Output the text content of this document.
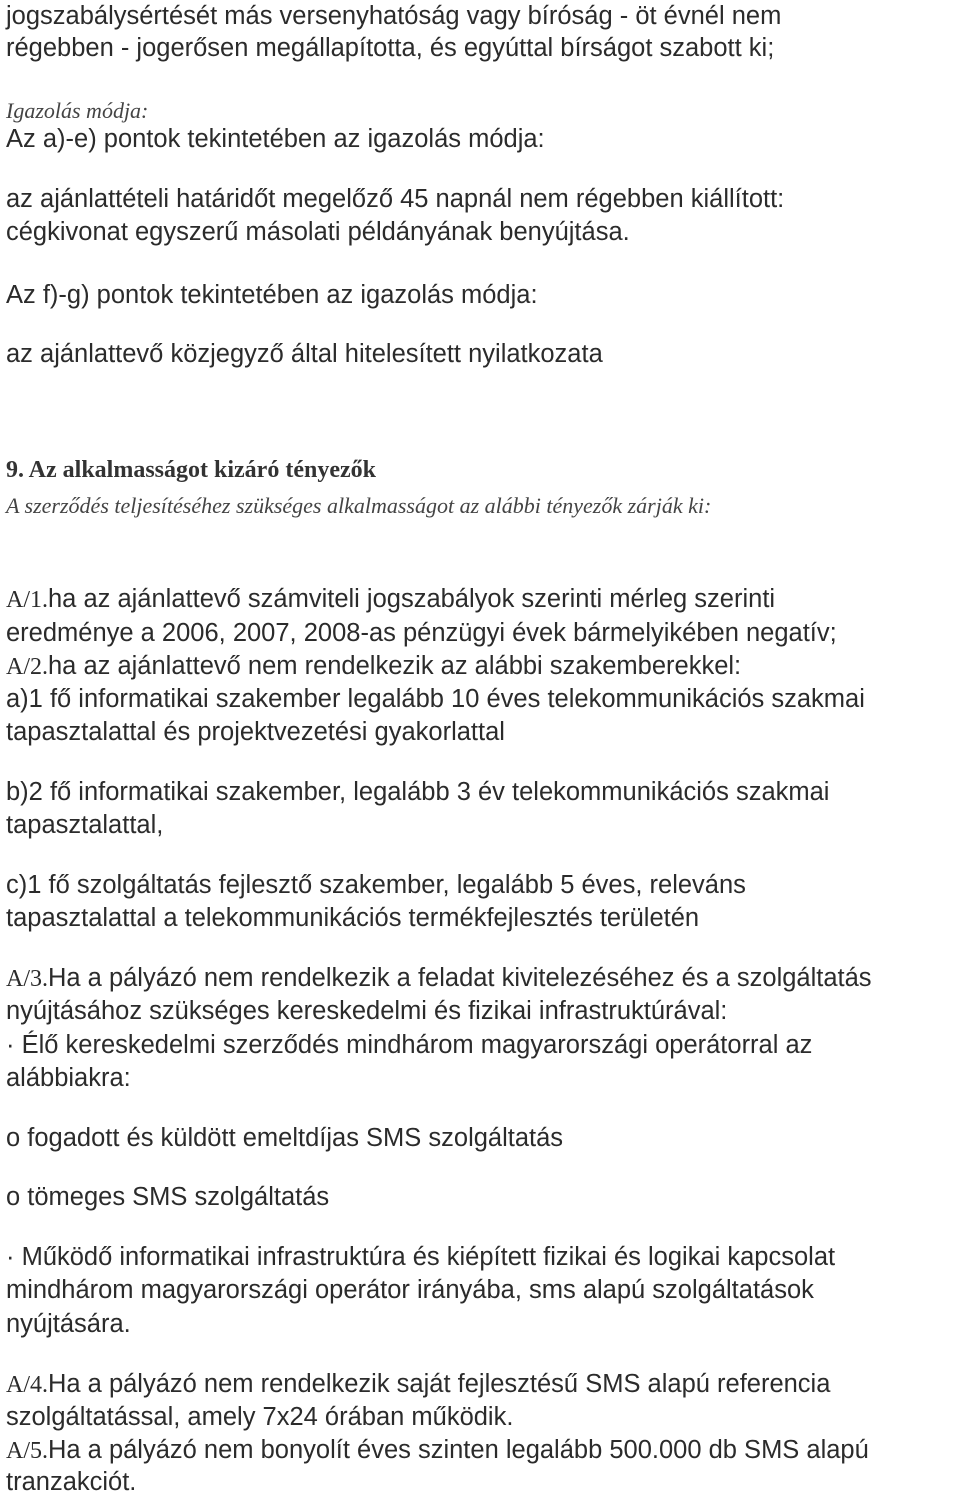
jogszabálysértését más versenyhatóság vagy bíróság - öt évnél nem
régebben - jogerősen megállapította, és egyúttal bírságot szabott ki;
Igazolás módja:
Az a)-e) pontok tekintetében az igazolás módja:
az ajánlattételi határidőt megelőző 45 napnál nem régebben kiállított:
cégkivonat egyszerű másolati példányának benyújtása.
Az f)-g) pontok tekintetében az igazolás módja:
az ajánlattevő közjegyző által hitelesített nyilatkozata
9. Az alkalmasságot kizáró tényezők
A szerződés teljesítéséhez szükséges alkalmasságot az alábbi tényezők zárják ki:
A/1.ha az ajánlattevő számviteli jogszabályok szerinti mérleg szerinti
eredménye a 2006, 2007, 2008-as pénzügyi évek bármelyikében negatív;
A/2.ha az ajánlattevő nem rendelkezik az alábbi szakemberekkel:
a)1 fő informatikai szakember legalább 10 éves telekommunikációs szakmai
tapasztalattal és projektvezetési gyakorlattal
b)2 fő informatikai szakember, legalább 3 év telekommunikációs szakmai
tapasztalattal,
c)1 fő szolgáltatás fejlesztő szakember, legalább 5 éves, releváns
tapasztalattal a telekommunikációs termékfejlesztés területén
A/3.Ha a pályázó nem rendelkezik a feladat kivitelezéséhez és a szolgáltatás
nyújtásához szükséges kereskedelmi és fizikai infrastruktúrával:
· Élő kereskedelmi szerződés mindhárom magyarországi operátorral az
alábbiakra:
o fogadott és küldött emeltdíjas SMS szolgáltatás
o tömeges SMS szolgáltatás
· Működő informatikai infrastruktúra és kiépített fizikai és logikai kapcsolat
mindhárom magyarországi operátor irányába, sms alapú szolgáltatások
nyújtására.
A/4.Ha a pályázó nem rendelkezik saját fejlesztésű SMS alapú referencia
szolgáltatással, amely 7x24 órában működik.
A/5.Ha a pályázó nem bonyolít éves szinten legalább 500.000 db SMS alapú
tranzakciót.
